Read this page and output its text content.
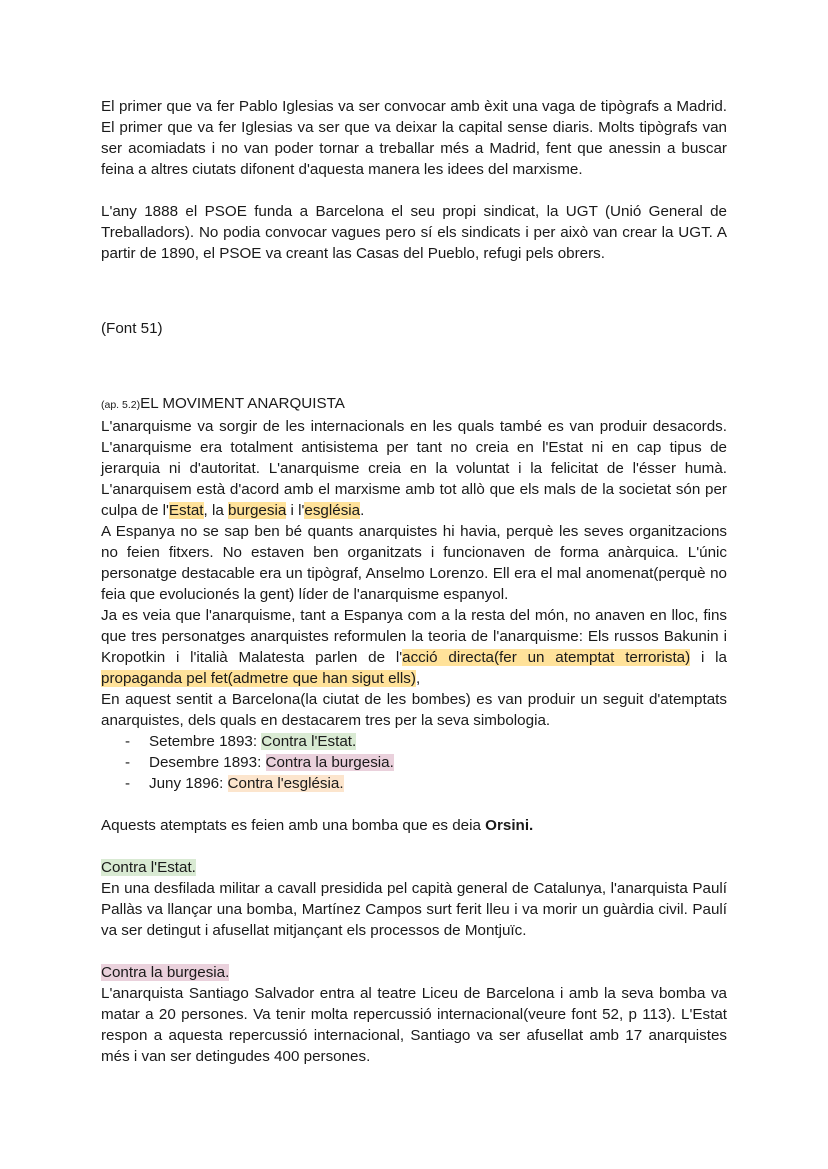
El primer que va fer Pablo Iglesias va ser convocar amb èxit una vaga de tipògrafs a Madrid. El primer que va fer Iglesias va ser que va deixar la capital sense diaris. Molts tipògrafs van ser acomiadats i no van poder tornar a treballar més a Madrid, fent que anessin a buscar feina a altres ciutats difonent d'aquesta manera les idees del marxisme.

L'any 1888 el PSOE funda a Barcelona el seu propi sindicat, la UGT (Unió General de Treballadors). No podia convocar vagues pero sí els sindicats i per això van crear la UGT. A partir de 1890, el PSOE va creant las Casas del Pueblo, refugi pels obrers.

(Font 51)

(ap. 5.2)EL MOVIMENT ANARQUISTA

L'anarquisme va sorgir de les internacionals en les quals també es van produir desacords. L'anarquisme era totalment antisistema per tant no creia en l'Estat ni en cap tipus de jerarquia ni d'autoritat. L'anarquisme creia en la voluntat i la felicitat de l'ésser humà. L'anarquisem està d'acord amb el marxisme amb tot allò que els mals de la societat són per culpa de l'Estat, la burgesia i l'església.

A Espanya no se sap ben bé quants anarquistes hi havia, perquè les seves organitzacions no feien fitxers. No estaven ben organitzats i funcionaven de forma anàrquica. L'únic personatge destacable era un tipògraf, Anselmo Lorenzo. Ell era el mal anomenat(perquè no feia que evolucionés la gent) líder de l'anarquisme espanyol.

Ja es veia que l'anarquisme, tant a Espanya com a la resta del món, no anaven en lloc, fins que tres personatges anarquistes reformulen la teoria de l'anarquisme: Els russos Bakunin i Kropotkin i l'italià Malatesta parlen de l'acció directa(fer un atemptat terrorista) i la propaganda pel fet(admetre que han sigut ells),

En aquest sentit a Barcelona(la ciutat de les bombes) es van produir un seguit d'atemptats anarquistes, dels quals en destacarem tres per la seva simbologia.

- Setembre 1893: Contra l'Estat.
- Desembre 1893: Contra la burgesia.
- Juny 1896: Contra l'església.

Aquests atemptats es feien amb una bomba que es deia Orsini.

Contra l'Estat.

En una desfilada militar a cavall presidida pel capità general de Catalunya, l'anarquista Paulí Pallàs va llançar una bomba, Martínez Campos surt ferit lleu i va morir un guàrdia civil. Paulí va ser detingut i afusellat mitjançant els processos de Montjuïc.

Contra la burgesia.

L'anarquista Santiago Salvador entra al teatre Liceu de Barcelona i amb la seva bomba va matar a 20 persones. Va tenir molta repercussió internacional(veure font 52, p 113). L'Estat respon a aquesta repercussió internacional, Santiago va ser afusellat amb 17 anarquistes més i van ser detingudes 400 persones.
